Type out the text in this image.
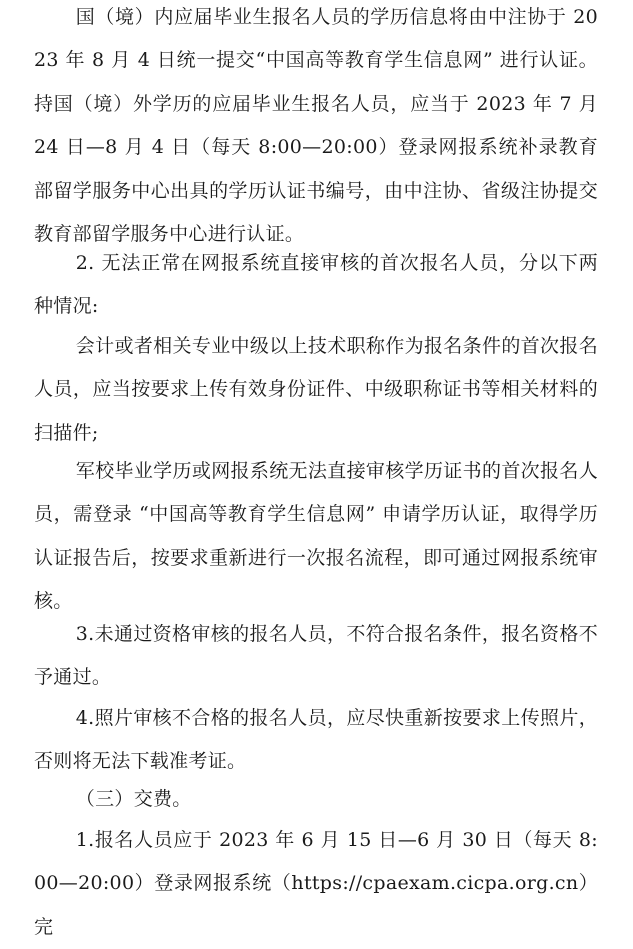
国（境）内应届毕业生报名人员的学历信息将由中注协于 2023 年 8 月 4 日统一提交“中国高等教育学生信息网” 进行认证。持国（境）外学历的应届毕业生报名人员，应当于 2023 年 7 月 24 日—8 月 4 日（每天 8:00—20:00）登录网报系统补录教育部留学服务中心出具的学历认证书编号，由中注协、省级注协提交教育部留学服务中心进行认证。

2. 无法正常在网报系统直接审核的首次报名人员，分以下两种情况:

会计或者相关专业中级以上技术职称作为报名条件的首次报名人员，应当按要求上传有效身份证件、中级职称证书等相关材料的扫描件;

军校毕业学历或网报系统无法直接审核学历证书的首次报名人员，需登录 “中国高等教育学生信息网” 申请学历认证，取得学历认证报告后，按要求重新进行一次报名流程，即可通过网报系统审核。

3.未通过资格审核的报名人员，不符合报名条件，报名资格不予通过。

4.照片审核不合格的报名人员，应尽快重新按要求上传照片，否则将无法下载准考证。

（三）交费。

1.报名人员应于 2023 年 6 月 15 日—6 月 30 日（每天 8:00—20:00）登录网报系统（https://cpaexam.cicpa.org.cn）完
